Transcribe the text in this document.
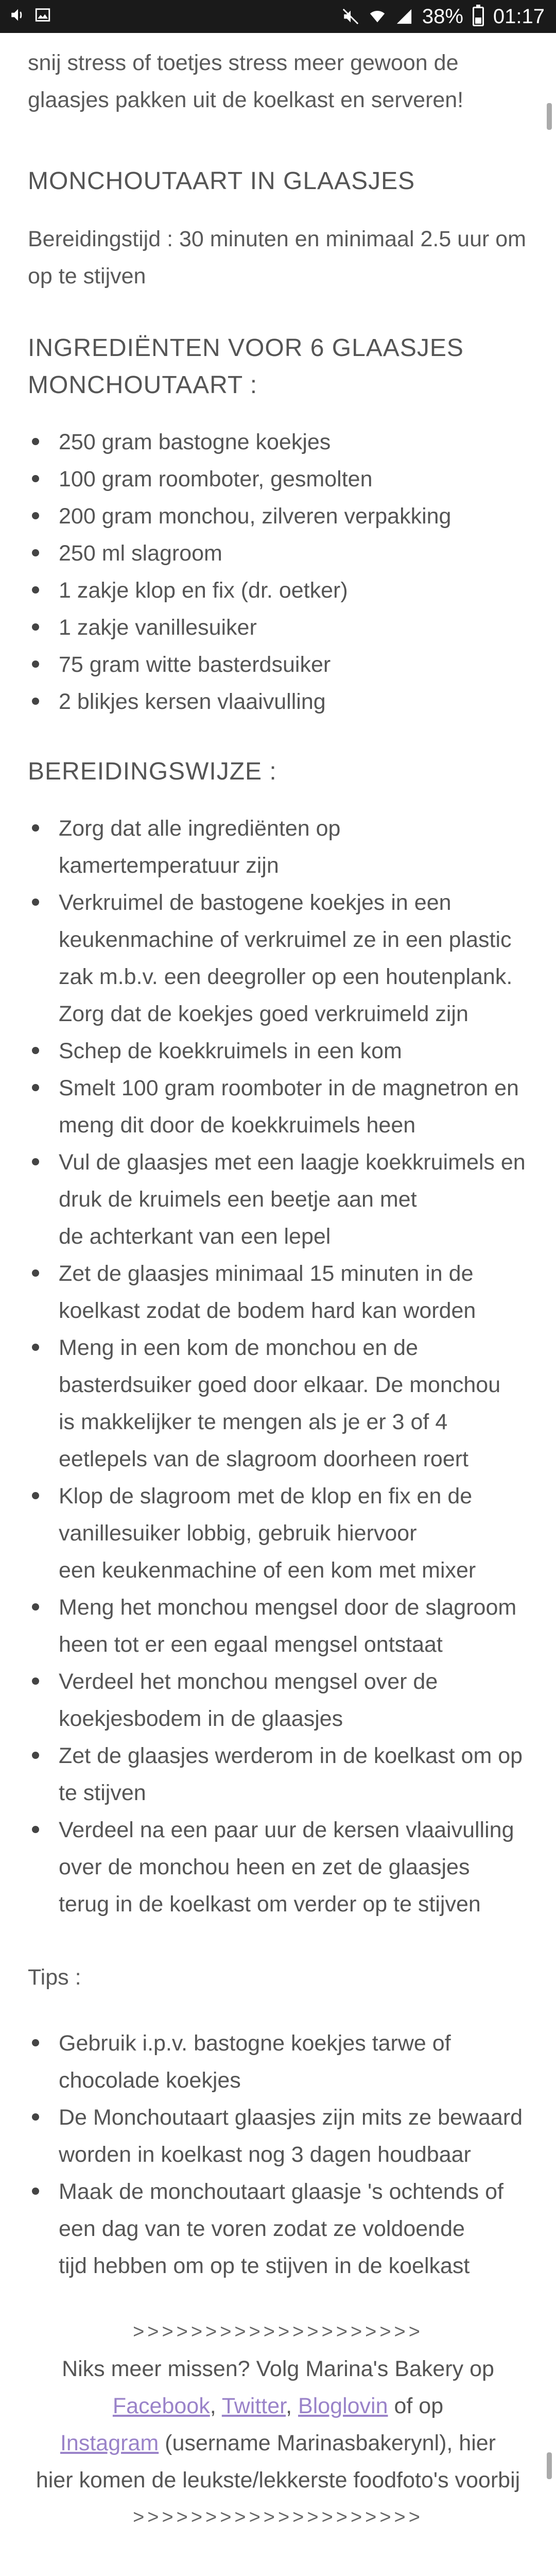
38% 01:17

snij stress of toetjes stress meer gewoon de glaasjes pakken uit de koelkast en serveren!

MONCHOUTAART IN GLAASJES

Bereidingstijd : 30 minuten en minimaal 2.5 uur om op te stijven

INGREDIËNTEN VOOR 6 GLAASJES MONCHOUTAART :
250 gram bastogne koekjes
100 gram roomboter, gesmolten
200 gram monchou, zilveren verpakking
250 ml slagroom
1 zakje klop en fix (dr. oetker)
1 zakje vanillesuiker
75 gram witte basterdsuiker
2 blikjes kersen vlaaivulling
BEREIDINGSWIJZE :
Zorg dat alle ingrediënten op
kamertemperatuur zijn
Verkruimel de bastogene koekjes in een
keukenmachine of verkruimel ze in een plastic
zak m.b.v. een deegroller op een houtenplank.
Zorg dat de koekjes goed verkruimeld zijn
Schep de koekkruimels in een kom
Smelt 100 gram roomboter in de magnetron en
meng dit door de koekkruimels heen
Vul de glaasjes met een laagje koekkruimels en
druk de kruimels een beetje aan met
de achterkant van een lepel
Zet de glaasjes minimaal 15 minuten in de
koelkast zodat de bodem hard kan worden
Meng in een kom de monchou en de
basterdsuiker goed door elkaar. De monchou
is makkelijker te mengen als je er 3 of 4
eetlepels van de slagroom doorheen roert
Klop de slagroom met de klop en fix en de
vanillesuiker lobbig, gebruik hiervoor
een keukenmachine of een kom met mixer
Meng het monchou mengsel door de slagroom
heen tot er een egaal mengsel ontstaat
Verdeel het monchou mengsel over de
koekjesbodem in de glaasjes
Zet de glaasjes werderom in de koelkast om op
te stijven
Verdeel na een paar uur de kersen vlaaivulling
over de monchou heen en zet de glaasjes
terug in de koelkast om verder op te stijven

Tips :

Gebruik i.p.v. bastogne koekjes tarwe of
chocolade koekjes
De Monchoutaart glaasjes zijn mits ze bewaard
worden in koelkast nog 3 dagen houdbaar
Maak de monchoutaart glaasje 's ochtends of
een dag van te voren zodat ze voldoende
tijd hebben om op te stijven in de koelkast
>>>>>>>>>>>>>>>>>>>>
Niks meer missen? Volg Marina's Bakery op
Facebook, Twitter, Bloglovin of op
Instagram (username Marinasbakerynl), hier
hier komen de leukste/lekkerste foodfoto's voorbij
>>>>>>>>>>>>>>>>>>>>
